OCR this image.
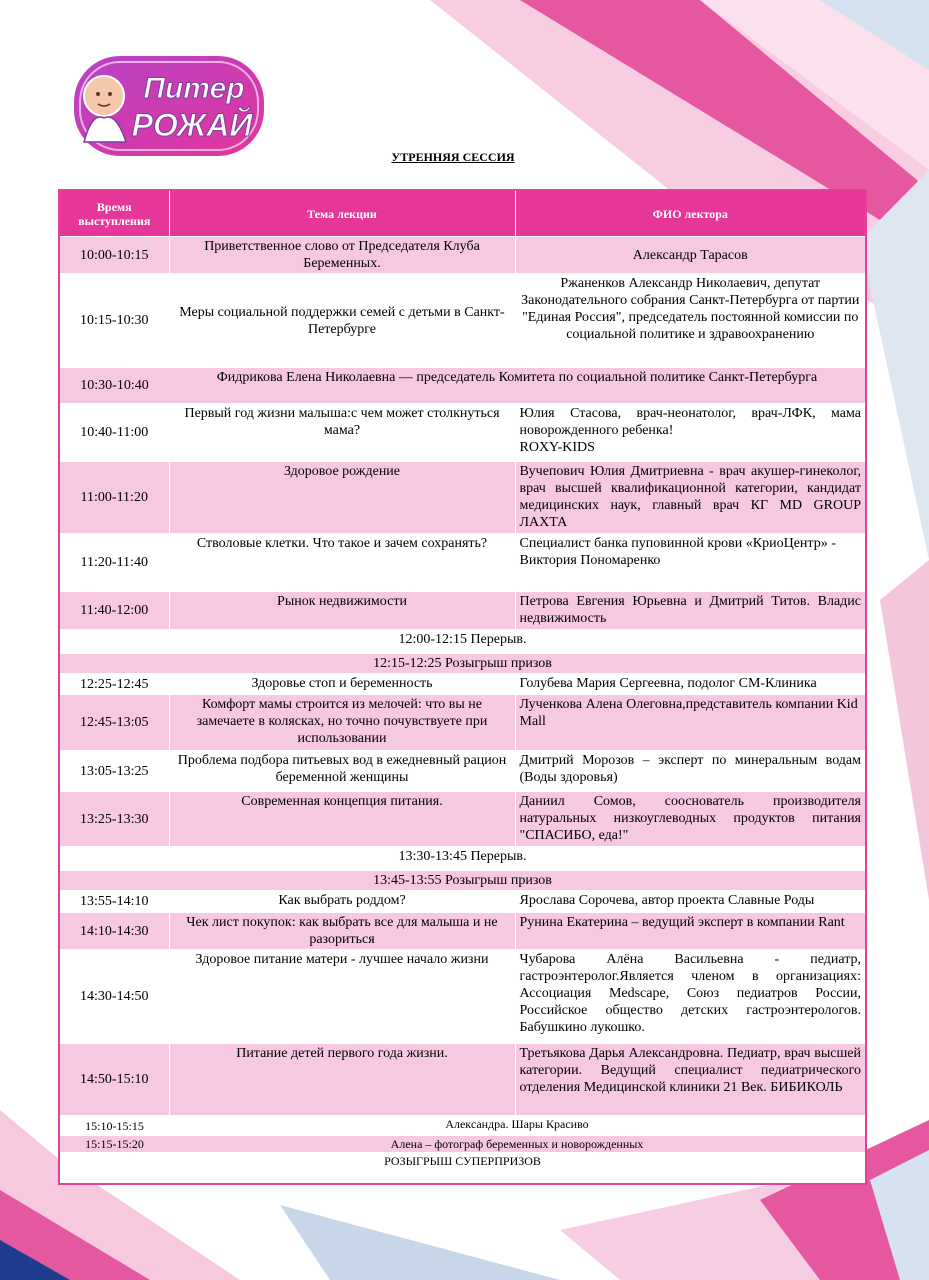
Питер
РОЖАЙ
УТРЕННЯЯ СЕССИЯ
Время выступления	Тема лекции	ФИО лектора
10:00-10:15	Приветственное слово от Председателя Клуба Беременных.	Александр Тарасов
10:15-10:30	Меры социальной поддержки семей с детьми в Санкт-Петербурге	Ржаненков Александр Николаевич, депутат Законодательного собрания Санкт-Петербурга от партии "Единая Россия", председатель постоянной комиссии по социальной политике и здравоохранению
10:30-10:40	Фидрикова Елена Николаевна — председатель Комитета по социальной политике Санкт-Петербурга	
10:40-11:00	Первый год жизни малыша:с чем может столкнуться мама?	Юлия Стасова, врач-неонатолог, врач-ЛФК, мама новорожденного ребенка!
ROXY-KIDS
11:00-11:20	Здоровое рождение	Вучепович Юлия Дмитриевна - врач акушер-гинеколог, врач высшей квалификационной категории, кандидат медицинских наук, главный врач КГ MD GROUP ЛАХТА
11:20-11:40	Стволовые клетки. Что такое и зачем сохранять?	Специалист банка пуповинной крови «КриоЦентр» - Виктория Пономаренко
11:40-12:00	Рынок недвижимости	Петрова Евгения Юрьевна и Дмитрий Титов. Владис недвижимость
12:00-12:15 Перерыв.		
12:15-12:25 Розыгрыш призов		
12:25-12:45	Здоровье стоп и беременность	Голубева Мария Сергеевна, подолог СМ-Клиника
12:45-13:05	Комфорт мамы строится из мелочей: что вы не замечаете в колясках, но точно почувствуете при использовании	Лученкова Алена Олеговна,представитель компании Kid Mall
13:05-13:25	Проблема подбора питьевых вод в ежедневный рацион беременной женщины	Дмитрий Морозов – эксперт по минеральным водам (Воды здоровья)
13:25-13:30	Современная концепция питания.	Даниил Сомов, сооснователь производителя натуральных низкоуглеводных продуктов питания "СПАСИБО, еда!"
13:30-13:45 Перерыв.		
13:45-13:55 Розыгрыш призов		
13:55-14:10	Как выбрать роддом?	Ярослава Сорочева, автор проекта Славные Роды
14:10-14:30	Чек лист покупок: как выбрать все для малыша и не разориться	Рунина Екатерина – ведущий эксперт в компании Rant
14:30-14:50	Здоровое питание матери - лучшее начало жизни	Чубарова Алёна Васильевна - педиатр, гастроэнтеролог.Является членом в организациях: Ассоциация Medscape, Союз педиатров России, Российское общество детских гастроэнтерологов. Бабушкино лукошко.
14:50-15:10	Питание детей первого года жизни.	Третьякова Дарья Александровна. Педиатр, врач высшей категории. Ведущий специалист педиатрического отделения Медицинской клиники 21 Век. БИБИКОЛЬ
15:10-15:15	Александра. Шары Красиво	
15:15-15:20	Алена – фотограф беременных и новорожденных	
РОЗЫГРЫШ СУПЕРПРИЗОВ		
